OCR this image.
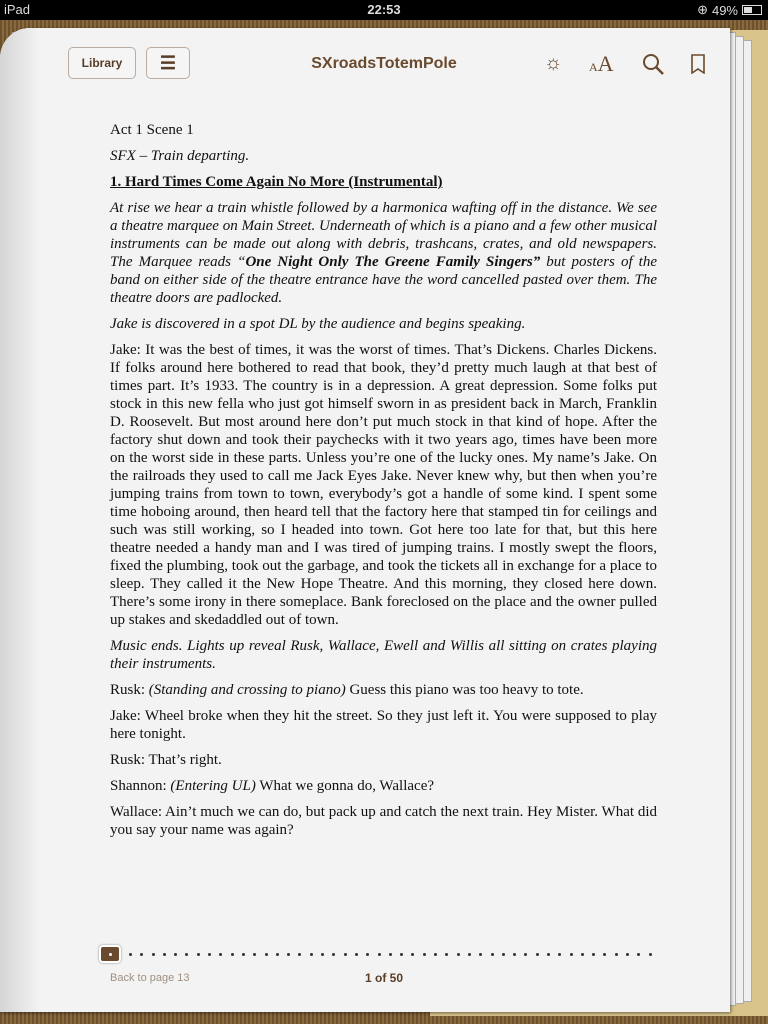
iPad	22:53	⊕ 49%
Library	☰	SXroadsTotemPole	☼ AA

Act 1 Scene 1

SFX – Train departing.

1. Hard Times Come Again No More (Instrumental)

At rise we hear a train whistle followed by a harmonica wafting off in the distance. We see a theatre marquee on Main Street. Underneath of which is a piano and a few other musical instruments can be made out along with debris, trashcans, crates, and old newspapers. The Marquee reads “One Night Only The Greene Family Singers” but posters of the band on either side of the theatre entrance have the word cancelled pasted over them. The theatre doors are padlocked.

Jake is discovered in a spot DL by the audience and begins speaking.

Jake: It was the best of times, it was the worst of times. That’s Dickens. Charles Dickens. If folks around here bothered to read that book, they’d pretty much laugh at that best of times part. It’s 1933. The country is in a depression. A great depression. Some folks put stock in this new fella who just got himself sworn in as president back in March, Franklin D. Roosevelt. But most around here don’t put much stock in that kind of hope. After the factory shut down and took their paychecks with it two years ago, times have been more on the worst side in these parts. Unless you’re one of the lucky ones. My name’s Jake. On the railroads they used to call me Jack Eyes Jake. Never knew why, but then when you’re jumping trains from town to town, everybody’s got a handle of some kind. I spent some time hoboing around, then heard tell that the factory here that stamped tin for ceilings and such was still working, so I headed into town. Got here too late for that, but this here theatre needed a handy man and I was tired of jumping trains. I mostly swept the floors, fixed the plumbing, took out the garbage, and took the tickets all in exchange for a place to sleep. They called it the New Hope Theatre. And this morning, they closed here down. There’s some irony in there someplace. Bank foreclosed on the place and the owner pulled up stakes and skedaddled out of town.

Music ends. Lights up reveal Rusk, Wallace, Ewell and Willis all sitting on crates playing their instruments.

Rusk: (Standing and crossing to piano) Guess this piano was too heavy to tote.

Jake: Wheel broke when they hit the street. So they just left it. You were supposed to play here tonight.

Rusk: That’s right.

Shannon: (Entering UL) What we gonna do, Wallace?

Wallace: Ain’t much we can do, but pack up and catch the next train. Hey Mister. What did you say your name was again?

Back to page 13	1 of 50
